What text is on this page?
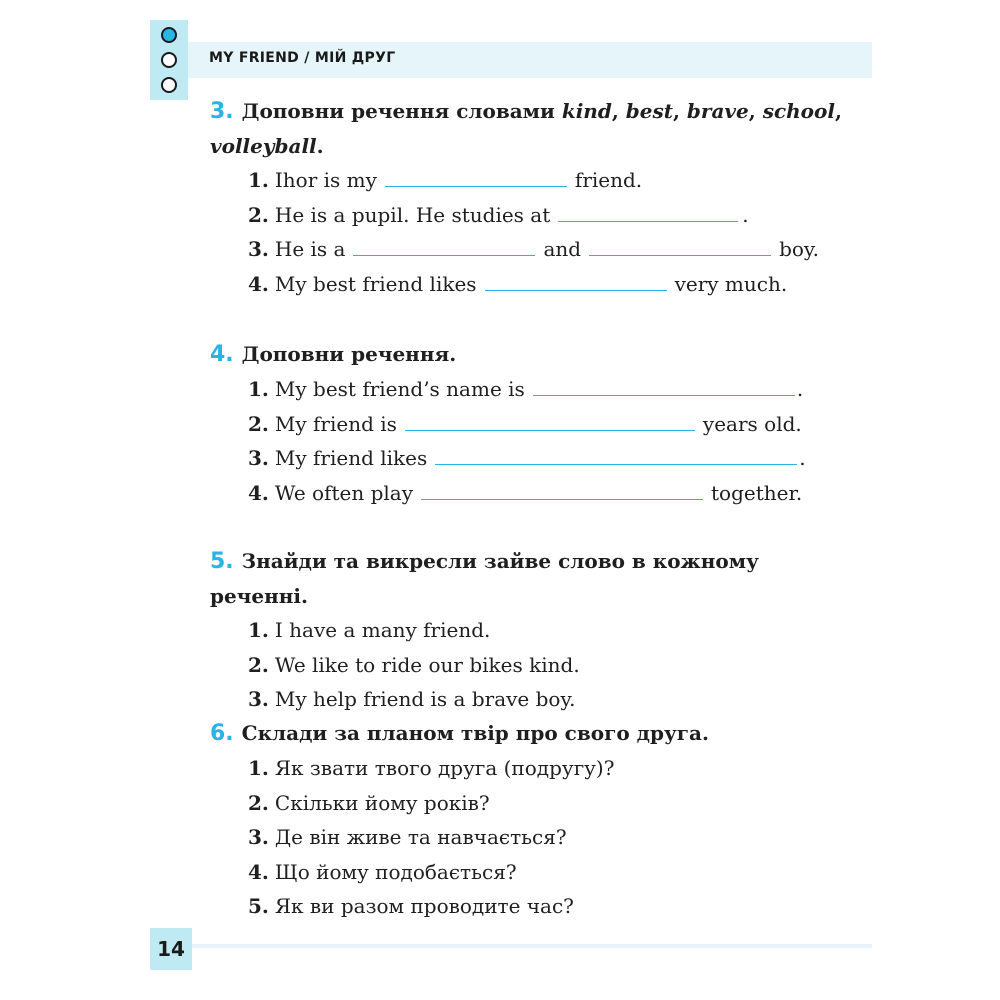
MY FRIEND / МІЙ ДРУГ
3. Доповни речення словами kind, best, brave, school,
volleyball.
1. Ihor is my	friend.
2. He is a pupil. He studies at	.
3. He is a	and	boy.
4. My best friend likes	very much.
4. Доповни речення.
1. My best friend’s name is	.
2. My friend is	years old.
3. My friend likes	.
4. We often play	together.
5. Знайди та викресли зайве слово в кожному реченні.
1. I have a many friend.
2. We like to ride our bikes kind.
3. My help friend is a brave boy.
6. Склади за планом твір про свого друга.
1. Як звати твого друга (подругу)?
2. Скільки йому років?
3. Де він живе та навчається?
4. Що йому подобається?
5. Як ви разом проводите час?
14
